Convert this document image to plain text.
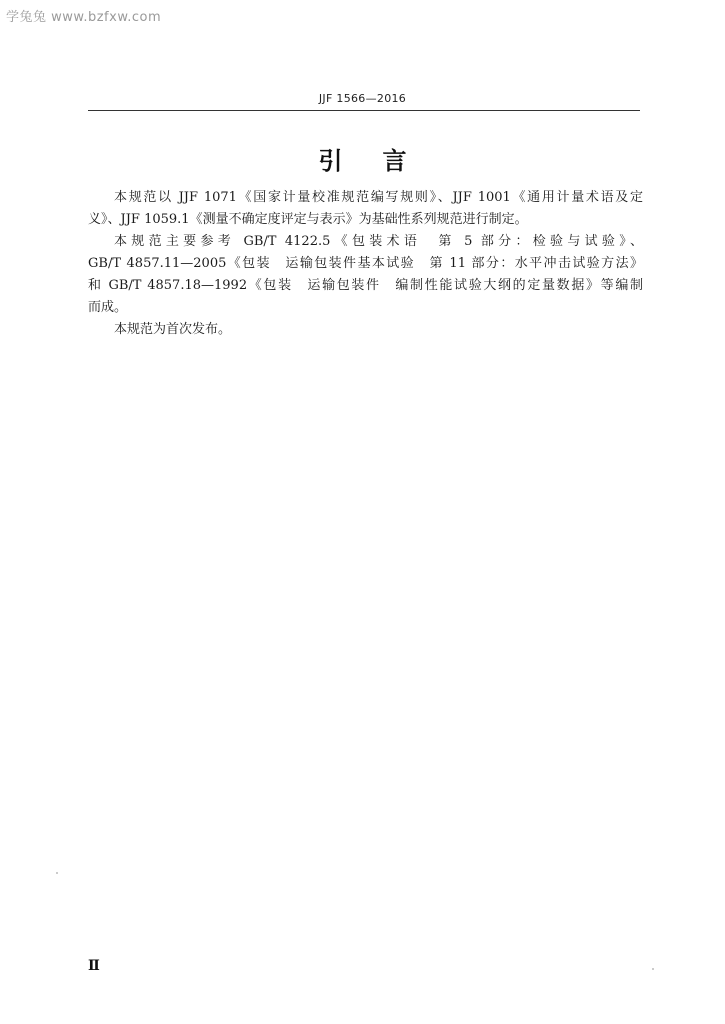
学兔兔 www.bzfxw.com
JJF 1566—2016
引言

本规范以 JJF 1071《国家计量校准规范编写规则》、JJF 1001《通用计量术语及定
义》、JJF 1059.1《测量不确定度评定与表示》为基础性系列规范进行制定。

本规范主要参考 GB/T 4122.5《包装术语　第 5 部分：检验与试验》、
GB/T 4857.11—2005《包装　运输包装件基本试验　第 11 部分：水平冲击试验方法》
和 GB/T 4857.18—1992《包装　运输包装件　编制性能试验大纲的定量数据》等编制
而成。

本规范为首次发布。

Ⅱ
